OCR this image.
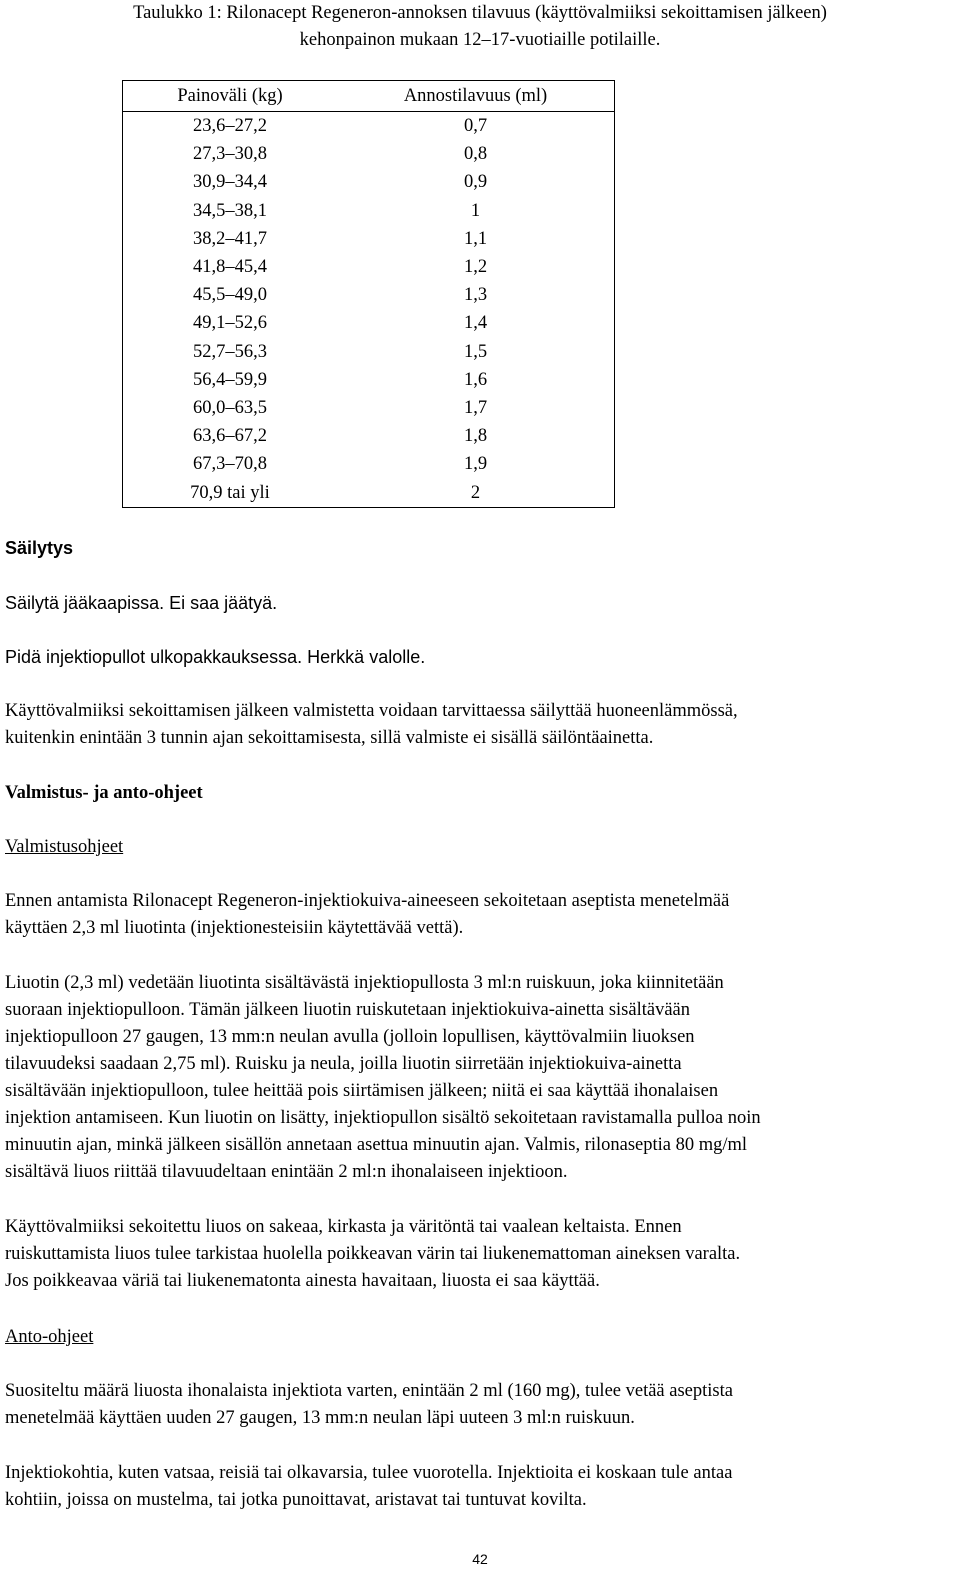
Taulukko 1: Rilonacept Regeneron-annoksen tilavuus (käyttövalmiiksi sekoittamisen jälkeen)
kehonpainon mukaan 12–17-vuotiaille potilaille.
Painoväli (kg)	Annostilavuus (ml)
23,6–27,2	0,7
27,3–30,8	0,8
30,9–34,4	0,9
34,5–38,1	1
38,2–41,7	1,1
41,8–45,4	1,2
45,5–49,0	1,3
49,1–52,6	1,4
52,7–56,3	1,5
56,4–59,9	1,6
60,0–63,5	1,7
63,6–67,2	1,8
67,3–70,8	1,9
70,9 tai yli	2
Säilytys
Säilytä jääkaapissa. Ei saa jäätyä.
Pidä injektiopullot ulkopakkauksessa. Herkkä valolle.
Käyttövalmiiksi sekoittamisen jälkeen valmistetta voidaan tarvittaessa säilyttää huoneenlämmössä,
kuitenkin enintään 3 tunnin ajan sekoittamisesta, sillä valmiste ei sisällä säilöntäainetta.
Valmistus- ja anto-ohjeet
Valmistusohjeet
Ennen antamista Rilonacept Regeneron-injektiokuiva-aineeseen sekoitetaan aseptista menetelmää
käyttäen 2,3 ml liuotinta (injektionesteisiin käytettävää vettä).
Liuotin (2,3 ml) vedetään liuotinta sisältävästä injektiopullosta 3 ml:n ruiskuun, joka kiinnitetään
suoraan injektiopulloon. Tämän jälkeen liuotin ruiskutetaan injektiokuiva-ainetta sisältävään
injektiopulloon 27 gaugen, 13 mm:n neulan avulla (jolloin lopullisen, käyttövalmiin liuoksen
tilavuudeksi saadaan 2,75 ml). Ruisku ja neula, joilla liuotin siirretään injektiokuiva-ainetta
sisältävään injektiopulloon, tulee heittää pois siirtämisen jälkeen; niitä ei saa käyttää ihonalaisen
injektion antamiseen. Kun liuotin on lisätty, injektiopullon sisältö sekoitetaan ravistamalla pulloa noin
minuutin ajan, minkä jälkeen sisällön annetaan asettua minuutin ajan. Valmis, rilonaseptia 80 mg/ml
sisältävä liuos riittää tilavuudeltaan enintään 2 ml:n ihonalaiseen injektioon.
Käyttövalmiiksi sekoitettu liuos on sakeaa, kirkasta ja väritöntä tai vaalean keltaista. Ennen
ruiskuttamista liuos tulee tarkistaa huolella poikkeavan värin tai liukenemattoman aineksen varalta.
Jos poikkeavaa väriä tai liukenematonta ainesta havaitaan, liuosta ei saa käyttää.
Anto-ohjeet
Suositeltu määrä liuosta ihonalaista injektiota varten, enintään 2 ml (160 mg), tulee vetää aseptista
menetelmää käyttäen uuden 27 gaugen, 13 mm:n neulan läpi uuteen 3 ml:n ruiskuun.
Injektiokohtia, kuten vatsaa, reisiä tai olkavarsia, tulee vuorotella. Injektioita ei koskaan tule antaa
kohtiin, joissa on mustelma, tai jotka punoittavat, aristavat tai tuntuvat kovilta.
42
